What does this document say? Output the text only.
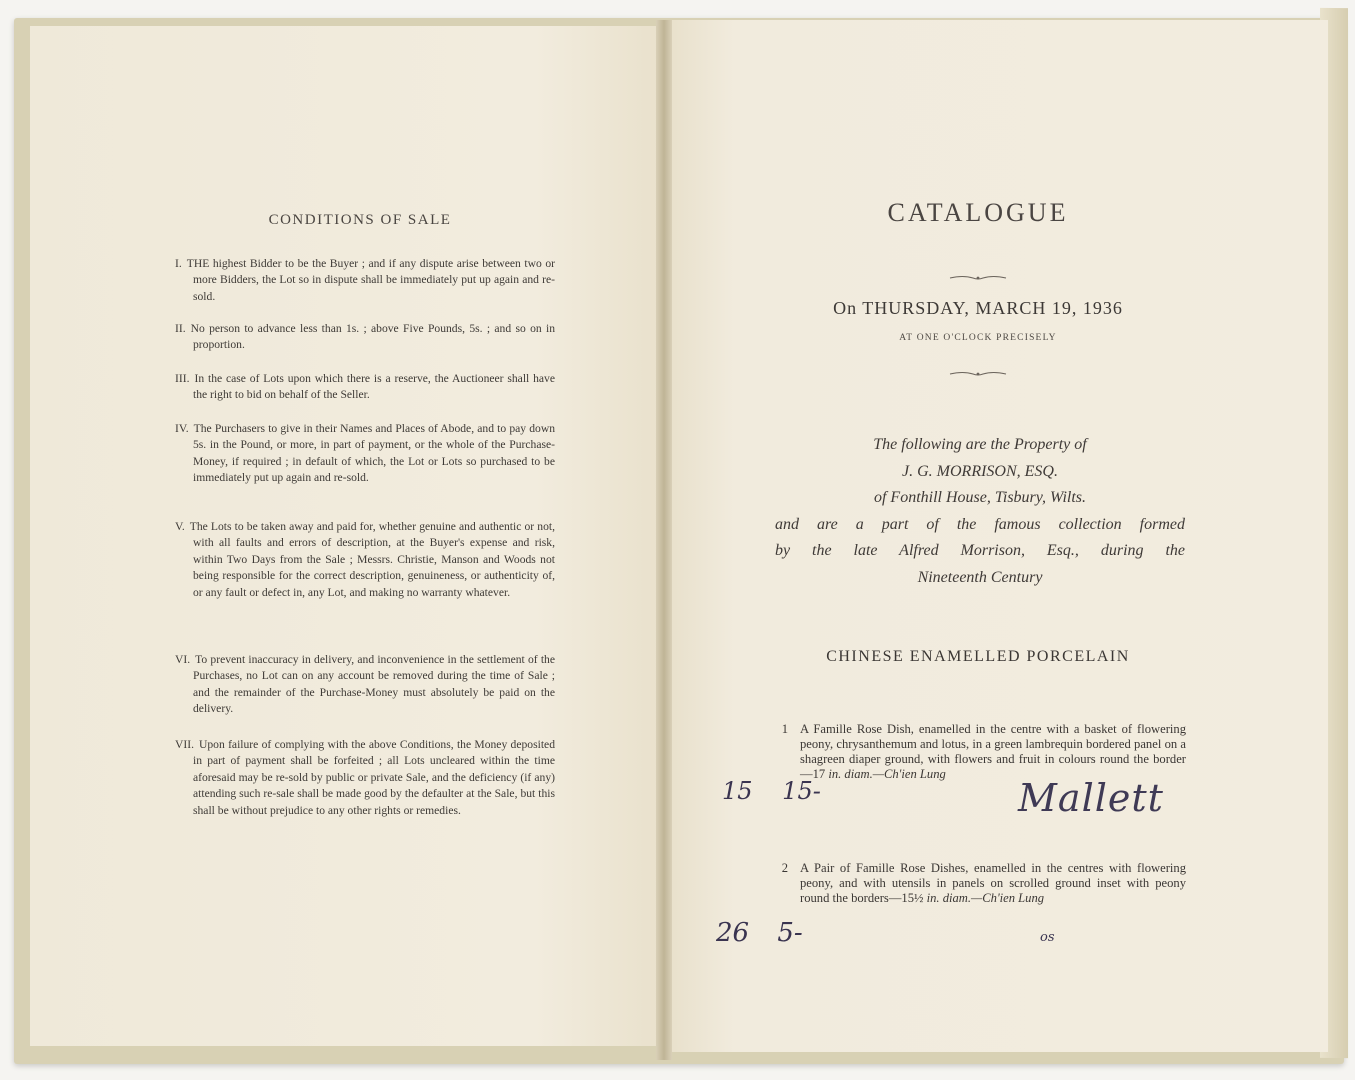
CONDITIONS OF SALE
I. THE highest Bidder to be the Buyer ; and if any dispute arise between two or more Bidders, the Lot so in dispute shall be immediately put up again and re-sold.
II. No person to advance less than 1s. ; above Five Pounds, 5s. ; and so on in proportion.
III. In the case of Lots upon which there is a reserve, the Auctioneer shall have the right to bid on behalf of the Seller.
IV. The Purchasers to give in their Names and Places of Abode, and to pay down 5s. in the Pound, or more, in part of payment, or the whole of the Purchase-Money, if required ; in default of which, the Lot or Lots so purchased to be immediately put up again and re-sold.
V. The Lots to be taken away and paid for, whether genuine and authentic or not, with all faults and errors of description, at the Buyer's expense and risk, within Two Days from the Sale ; Messrs. Christie, Manson and Woods not being responsible for the correct description, genuineness, or authenticity of, or any fault or defect in, any Lot, and making no warranty whatever.
VI. To prevent inaccuracy in delivery, and inconvenience in the settlement of the Purchases, no Lot can on any account be removed during the time of Sale ; and the remainder of the Purchase-Money must absolutely be paid on the delivery.
VII. Upon failure of complying with the above Conditions, the Money deposited in part of payment shall be forfeited ; all Lots uncleared within the time aforesaid may be re-sold by public or private Sale, and the deficiency (if any) attending such re-sale shall be made good by the defaulter at the Sale, but this shall be without prejudice to any other rights or remedies.
CATALOGUE
On THURSDAY, MARCH 19, 1936
AT ONE O'CLOCK PRECISELY
The following are the Property of
J. G. MORRISON, ESQ.
of Fonthill House, Tisbury, Wilts.
and are a part of the famous collection formed
by the late Alfred Morrison, Esq., during the
Nineteenth Century
CHINESE ENAMELLED PORCELAIN
1 A Famille Rose Dish, enamelled in the centre with a basket of flowering peony, chrysanthemum and lotus, in a green lambrequin bordered panel on a shagreen diaper ground, with flowers and fruit in colours round the border—17 in. diam.—Ch'ien Lung
2 A Pair of Famille Rose Dishes, enamelled in the centres with flowering peony, and with utensils in panels on scrolled ground inset with peony round the borders—15½ in. diam.—Ch'ien Lung
15 15-	Mallett
26 5-	os
